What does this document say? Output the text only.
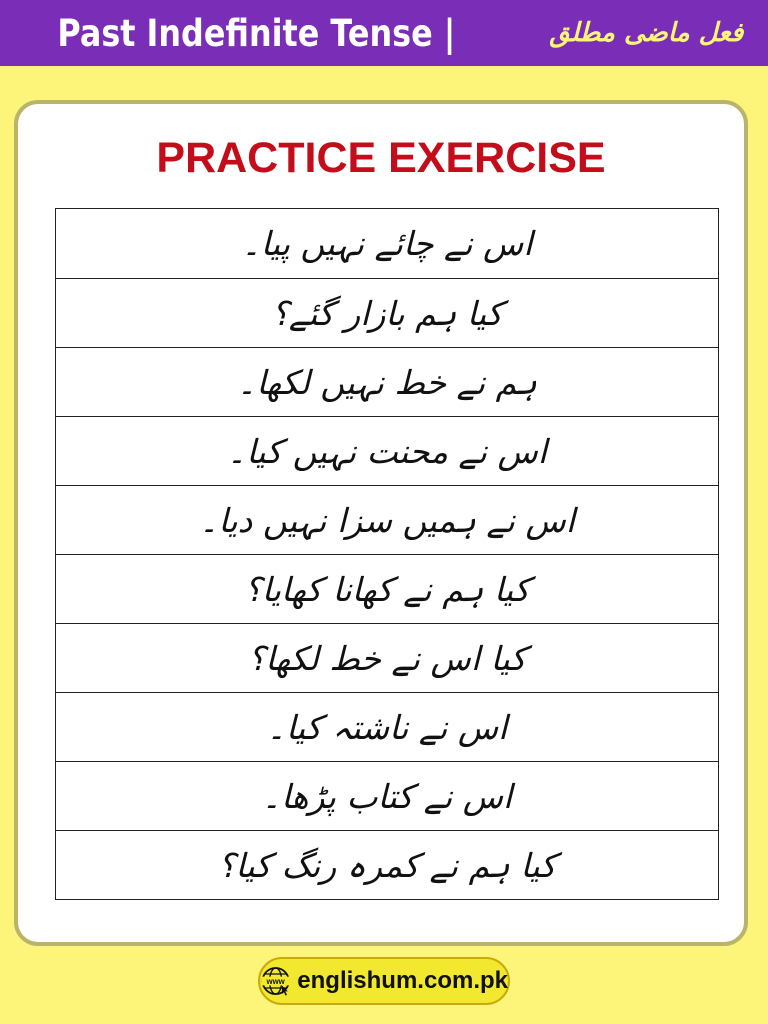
Past Indefinite Tense |	فعل ماضی مطلق
PRACTICE EXERCISE
اس نے چائے نہیں پیا۔
کیا ہم بازار گئے؟
ہم نے خط نہیں لکھا۔
اس نے محنت نہیں کیا۔
اس نے ہمیں سزا نہیں دیا۔
کیا ہم نے کھانا کھایا؟
کیا اس نے خط لکھا؟
اس نے ناشتہ کیا۔
اس نے کتاب پڑھا۔
کیا ہم نے کمرہ رنگ کیا؟
www englishum.com.pk
